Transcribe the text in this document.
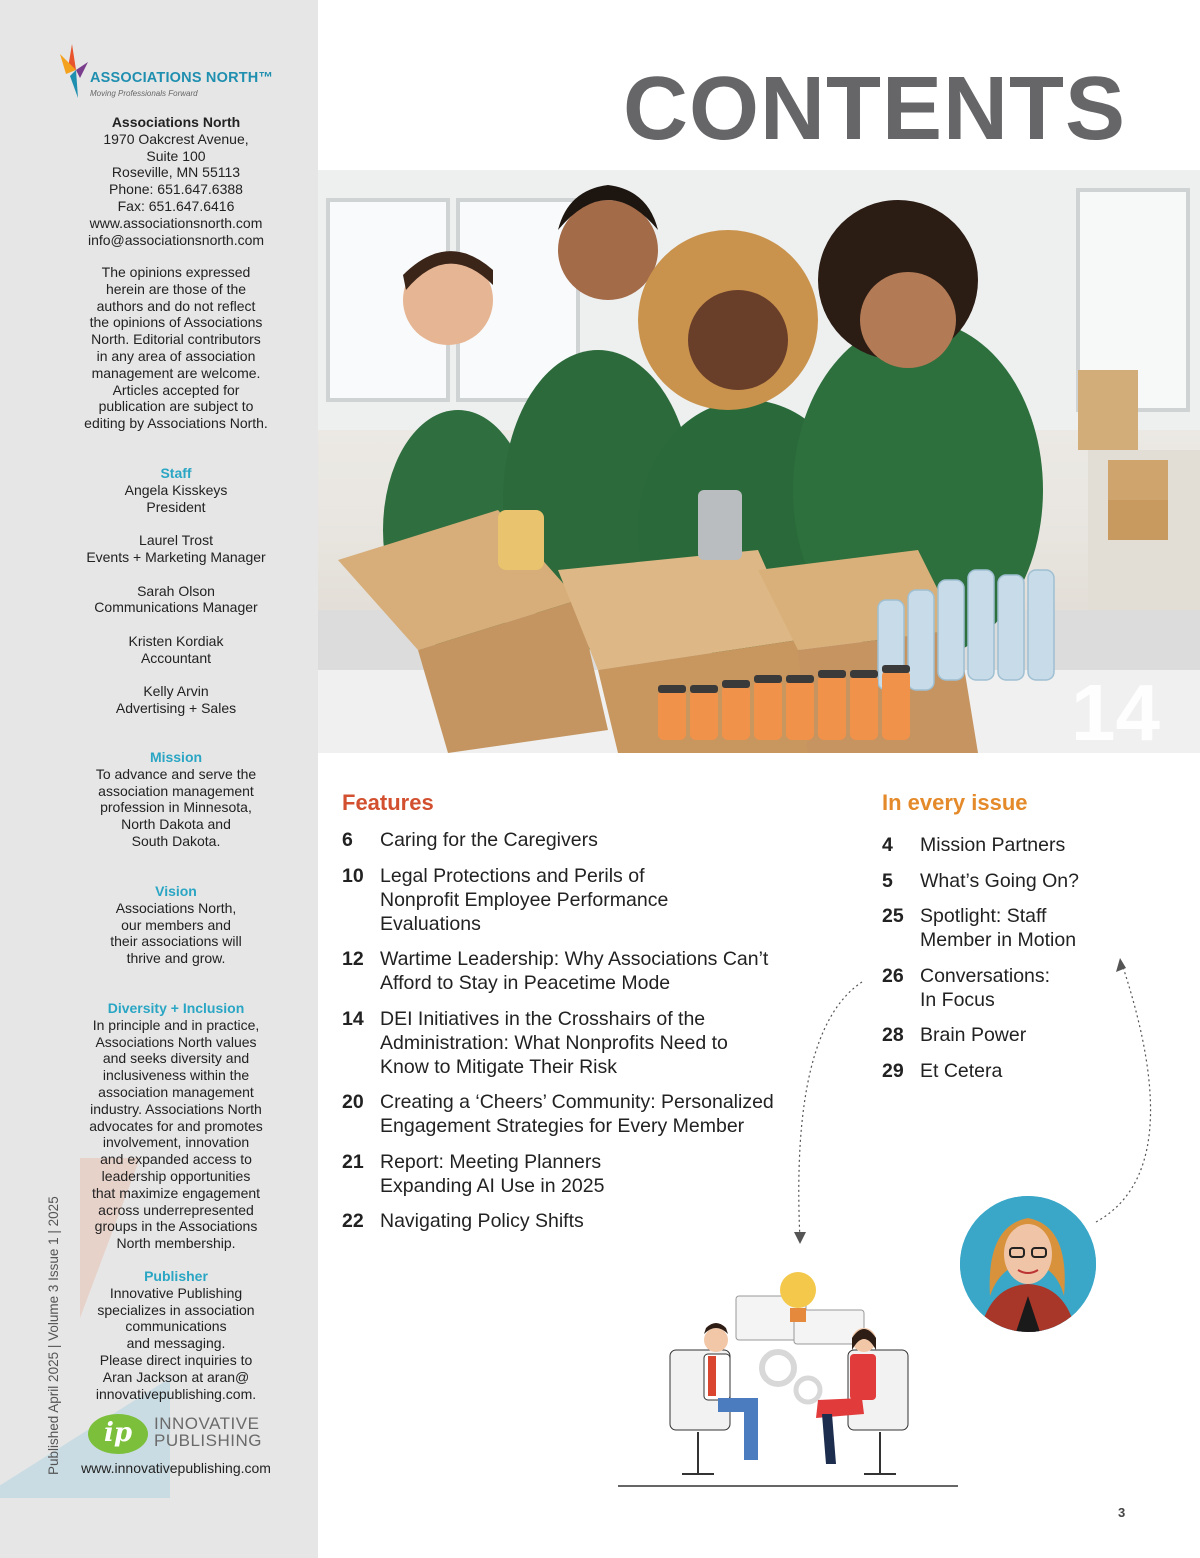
ASSOCIATIONS NORTH™
Moving Professionals Forward
Associations North
1970 Oakcrest Avenue,
Suite 100
Roseville, MN 55113
Phone: 651.647.6388
Fax: 651.647.6416
www.associationsnorth.com
info@associationsnorth.com
The opinions expressed
herein are those of the
authors and do not reflect
the opinions of Associations
North. Editorial contributors
in any area of association
management are welcome.
Articles accepted for
publication are subject to
editing by Associations North.
Staff
Angela Kisskeys
President
Laurel Trost
Events + Marketing Manager
Sarah Olson
Communications Manager
Kristen Kordiak
Accountant
Kelly Arvin
Advertising + Sales
Mission
To advance and serve the
association management
profession in Minnesota,
North Dakota and
South Dakota.
Vision
Associations North,
our members and
their associations will
thrive and grow.
Diversity + Inclusion
In principle and in practice,
Associations North values
and seeks diversity and
inclusiveness within the
association management
industry. Associations North
advocates for and promotes
involvement, innovation
and expanded access to
leadership opportunities
that maximize engagement
across underrepresented
groups in the Associations
North membership.
Publisher
Innovative Publishing
specializes in association
communications
and messaging.
Please direct inquiries to
Aran Jackson at aran@
innovativepublishing.com.
ip	INNOVATIVE
PUBLISHING
www.innovativepublishing.com
Published April 2025 | Volume 3 Issue 1 | 2025
CONTENTS
14
Features
6	Caring for the Caregivers
10 Legal Protections and Perils of Nonprofit Employee Performance Evaluations
12 Wartime Leadership: Why Associations Can’t Afford to Stay in Peacetime Mode
14 DEI Initiatives in the Crosshairs of the Administration: What Nonprofits Need to Know to Mitigate Their Risk
20 Creating a ‘Cheers’ Community: Personalized Engagement Strategies for Every Member
21 Report: Meeting Planners Expanding AI Use in 2025
22 Navigating Policy Shifts
In every issue
4	Mission Partners
5	What’s Going On?
25 Spotlight: Staff Member in Motion
26 Conversations: In Focus
28 Brain Power
29 Et Cetera
3
